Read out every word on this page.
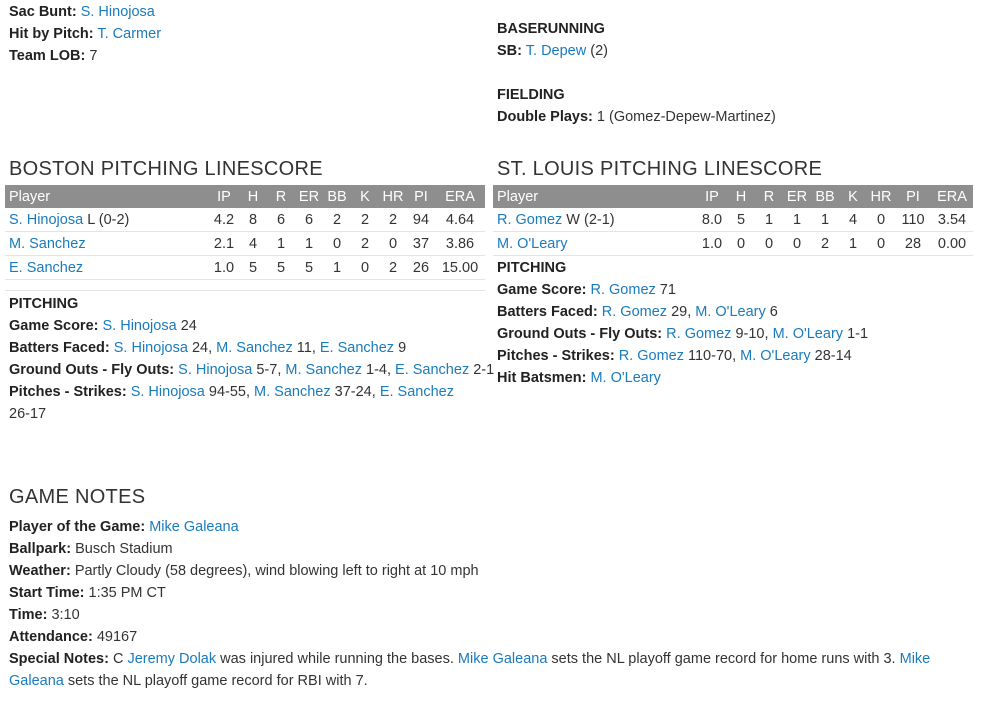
Sac Bunt: S. Hinojosa
Hit by Pitch: T. Carmer
Team LOB: 7
BASERUNNING
SB: T. Depew (2)
FIELDING
Double Plays: 1 (Gomez-Depew-Martinez)
BOSTON PITCHING LINESCORE
Player	IP	H	R	ER	BB	K	HR	PI	ERA
S. Hinojosa L (0-2)	4.2	8	6	6	2	2	2	94	4.64
M. Sanchez	2.1	4	1	1	0	2	0	37	3.86
E. Sanchez	1.0	5	5	5	1	0	2	26	15.00

PITCHING
Game Score: S. Hinojosa 24
Batters Faced: S. Hinojosa 24, M. Sanchez 11, E. Sanchez 9
Ground Outs - Fly Outs: S. Hinojosa 5-7, M. Sanchez 1-4, E. Sanchez 2-1
Pitches - Strikes: S. Hinojosa 94-55, M. Sanchez 37-24, E. Sanchez 26-17
ST. LOUIS PITCHING LINESCORE
Player	IP	H	R	ER	BB	K	HR	PI	ERA
R. Gomez W (2-1)	8.0	5	1	1	1	4	0	110	3.54
M. O'Leary	1.0	0	0	0	2	1	0	28	0.00
PITCHING
Game Score: R. Gomez 71
Batters Faced: R. Gomez 29, M. O'Leary 6
Ground Outs - Fly Outs: R. Gomez 9-10, M. O'Leary 1-1
Pitches - Strikes: R. Gomez 110-70, M. O'Leary 28-14
Hit Batsmen: M. O'Leary
GAME NOTES
Player of the Game: Mike Galeana
Ballpark: Busch Stadium
Weather: Partly Cloudy (58 degrees), wind blowing left to right at 10 mph
Start Time: 1:35 PM CT
Time: 3:10
Attendance: 49167
Special Notes: C Jeremy Dolak was injured while running the bases. Mike Galeana sets the NL playoff game record for home runs with 3. Mike Galeana sets the NL playoff game record for RBI with 7.
